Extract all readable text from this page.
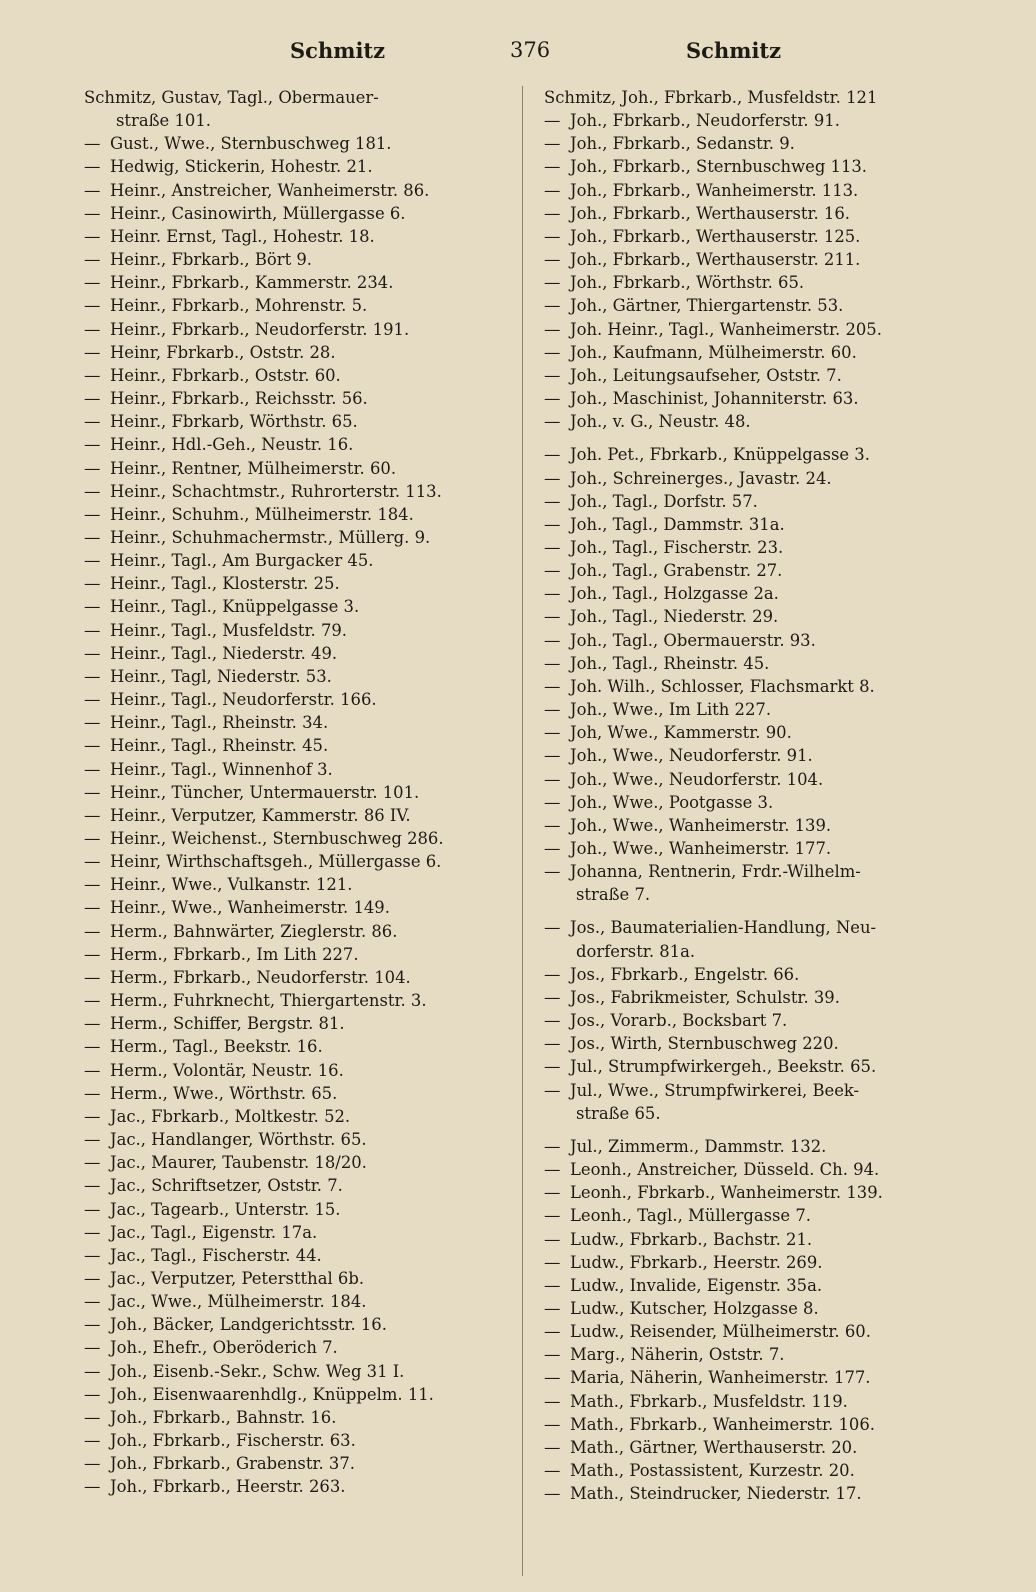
Schmitz	376	Schmitz
Schmitz, Gustav, Tagl., Obermauer-
straße 101.
— Gust., Wwe., Sternbuschweg 181.
— Hedwig, Stickerin, Hohestr. 21.
— Heinr., Anstreicher, Wanheimerstr. 86.
— Heinr., Casinowirth, Müllergasse 6.
— Heinr. Ernst, Tagl., Hohestr. 18.
— Heinr., Fbrkarb., Bört 9.
— Heinr., Fbrkarb., Kammerstr. 234.
— Heinr., Fbrkarb., Mohrenstr. 5.
— Heinr., Fbrkarb., Neudorferstr. 191.
— Heinr, Fbrkarb., Oststr. 28.
— Heinr., Fbrkarb., Oststr. 60.
— Heinr., Fbrkarb., Reichsstr. 56.
— Heinr., Fbrkarb, Wörthstr. 65.
— Heinr., Hdl.-Geh., Neustr. 16.
— Heinr., Rentner, Mülheimerstr. 60.
— Heinr., Schachtmstr., Ruhrorterstr. 113.
— Heinr., Schuhm., Mülheimerstr. 184.
— Heinr., Schuhmachermstr., Müllerg. 9.
— Heinr., Tagl., Am Burgacker 45.
— Heinr., Tagl., Klosterstr. 25.
— Heinr., Tagl., Knüppelgasse 3.
— Heinr., Tagl., Musfeldstr. 79.
— Heinr., Tagl., Niederstr. 49.
— Heinr., Tagl, Niederstr. 53.
— Heinr., Tagl., Neudorferstr. 166.
— Heinr., Tagl., Rheinstr. 34.
— Heinr., Tagl., Rheinstr. 45.
— Heinr., Tagl., Winnenhof 3.
— Heinr., Tüncher, Untermauerstr. 101.
— Heinr., Verputzer, Kammerstr. 86 IV.
— Heinr., Weichenst., Sternbuschweg 286.
— Heinr, Wirthschaftsgeh., Müllergasse 6.
— Heinr., Wwe., Vulkanstr. 121.
— Heinr., Wwe., Wanheimerstr. 149.
— Herm., Bahnwärter, Zieglerstr. 86.
— Herm., Fbrkarb., Im Lith 227.
— Herm., Fbrkarb., Neudorferstr. 104.
— Herm., Fuhrknecht, Thiergartenstr. 3.
— Herm., Schiffer, Bergstr. 81.
— Herm., Tagl., Beekstr. 16.
— Herm., Volontär, Neustr. 16.
— Herm., Wwe., Wörthstr. 65.
— Jac., Fbrkarb., Moltkestr. 52.
— Jac., Handlanger, Wörthstr. 65.
— Jac., Maurer, Taubenstr. 18/20.
— Jac., Schriftsetzer, Oststr. 7.
— Jac., Tagearb., Unterstr. 15.
— Jac., Tagl., Eigenstr. 17a.
— Jac., Tagl., Fischerstr. 44.
— Jac., Verputzer, Peterstthal 6b.
— Jac., Wwe., Mülheimerstr. 184.
— Joh., Bäcker, Landgerichtsstr. 16.
— Joh., Ehefr., Oberöderich 7.
— Joh., Eisenb.-Sekr., Schw. Weg 31 I.
— Joh., Eisenwaarenhdlg., Knüppelm. 11.
— Joh., Fbrkarb., Bahnstr. 16.
— Joh., Fbrkarb., Fischerstr. 63.
— Joh., Fbrkarb., Grabenstr. 37.
— Joh., Fbrkarb., Heerstr. 263.
Schmitz, Joh., Fbrkarb., Musfeldstr. 121
— Joh., Fbrkarb., Neudorferstr. 91.
— Joh., Fbrkarb., Sedanstr. 9.
— Joh., Fbrkarb., Sternbuschweg 113.
— Joh., Fbrkarb., Wanheimerstr. 113.
— Joh., Fbrkarb., Werthauserstr. 16.
— Joh., Fbrkarb., Werthauserstr. 125.
— Joh., Fbrkarb., Werthauserstr. 211.
— Joh., Fbrkarb., Wörthstr. 65.
— Joh., Gärtner, Thiergartenstr. 53.
— Joh. Heinr., Tagl., Wanheimerstr. 205.
— Joh., Kaufmann, Mülheimerstr. 60.
— Joh., Leitungsaufseher, Oststr. 7.
— Joh., Maschinist, Johanniterstr. 63.
— Joh., v. G., Neustr. 48.
— Joh. Pet., Fbrkarb., Knüppelgasse 3.
— Joh., Schreinerges., Javastr. 24.
— Joh., Tagl., Dorfstr. 57.
— Joh., Tagl., Dammstr. 31a.
— Joh., Tagl., Fischerstr. 23.
— Joh., Tagl., Grabenstr. 27.
— Joh., Tagl., Holzgasse 2a.
— Joh., Tagl., Niederstr. 29.
— Joh., Tagl., Obermauerstr. 93.
— Joh., Tagl., Rheinstr. 45.
— Joh. Wilh., Schlosser, Flachsmarkt 8.
— Joh., Wwe., Im Lith 227.
— Joh, Wwe., Kammerstr. 90.
— Joh., Wwe., Neudorferstr. 91.
— Joh., Wwe., Neudorferstr. 104.
— Joh., Wwe., Pootgasse 3.
— Joh., Wwe., Wanheimerstr. 139.
— Joh., Wwe., Wanheimerstr. 177.
— Johanna, Rentnerin, Frdr.-Wilhelm-
straße 7.
— Jos., Baumaterialien-Handlung, Neu-
dorferstr. 81a.
— Jos., Fbrkarb., Engelstr. 66.
— Jos., Fabrikmeister, Schulstr. 39.
— Jos., Vorarb., Bocksbart 7.
— Jos., Wirth, Sternbuschweg 220.
— Jul., Strumpfwirkergeh., Beekstr. 65.
— Jul., Wwe., Strumpfwirkerei, Beek-
straße 65.
— Jul., Zimmerm., Dammstr. 132.
— Leonh., Anstreicher, Düsseld. Ch. 94.
— Leonh., Fbrkarb., Wanheimerstr. 139.
— Leonh., Tagl., Müllergasse 7.
— Ludw., Fbrkarb., Bachstr. 21.
— Ludw., Fbrkarb., Heerstr. 269.
— Ludw., Invalide, Eigenstr. 35a.
— Ludw., Kutscher, Holzgasse 8.
— Ludw., Reisender, Mülheimerstr. 60.
— Marg., Näherin, Oststr. 7.
— Maria, Näherin, Wanheimerstr. 177.
— Math., Fbrkarb., Musfeldstr. 119.
— Math., Fbrkarb., Wanheimerstr. 106.
— Math., Gärtner, Werthauserstr. 20.
— Math., Postassistent, Kurzestr. 20.
— Math., Steindrucker, Niederstr. 17.
